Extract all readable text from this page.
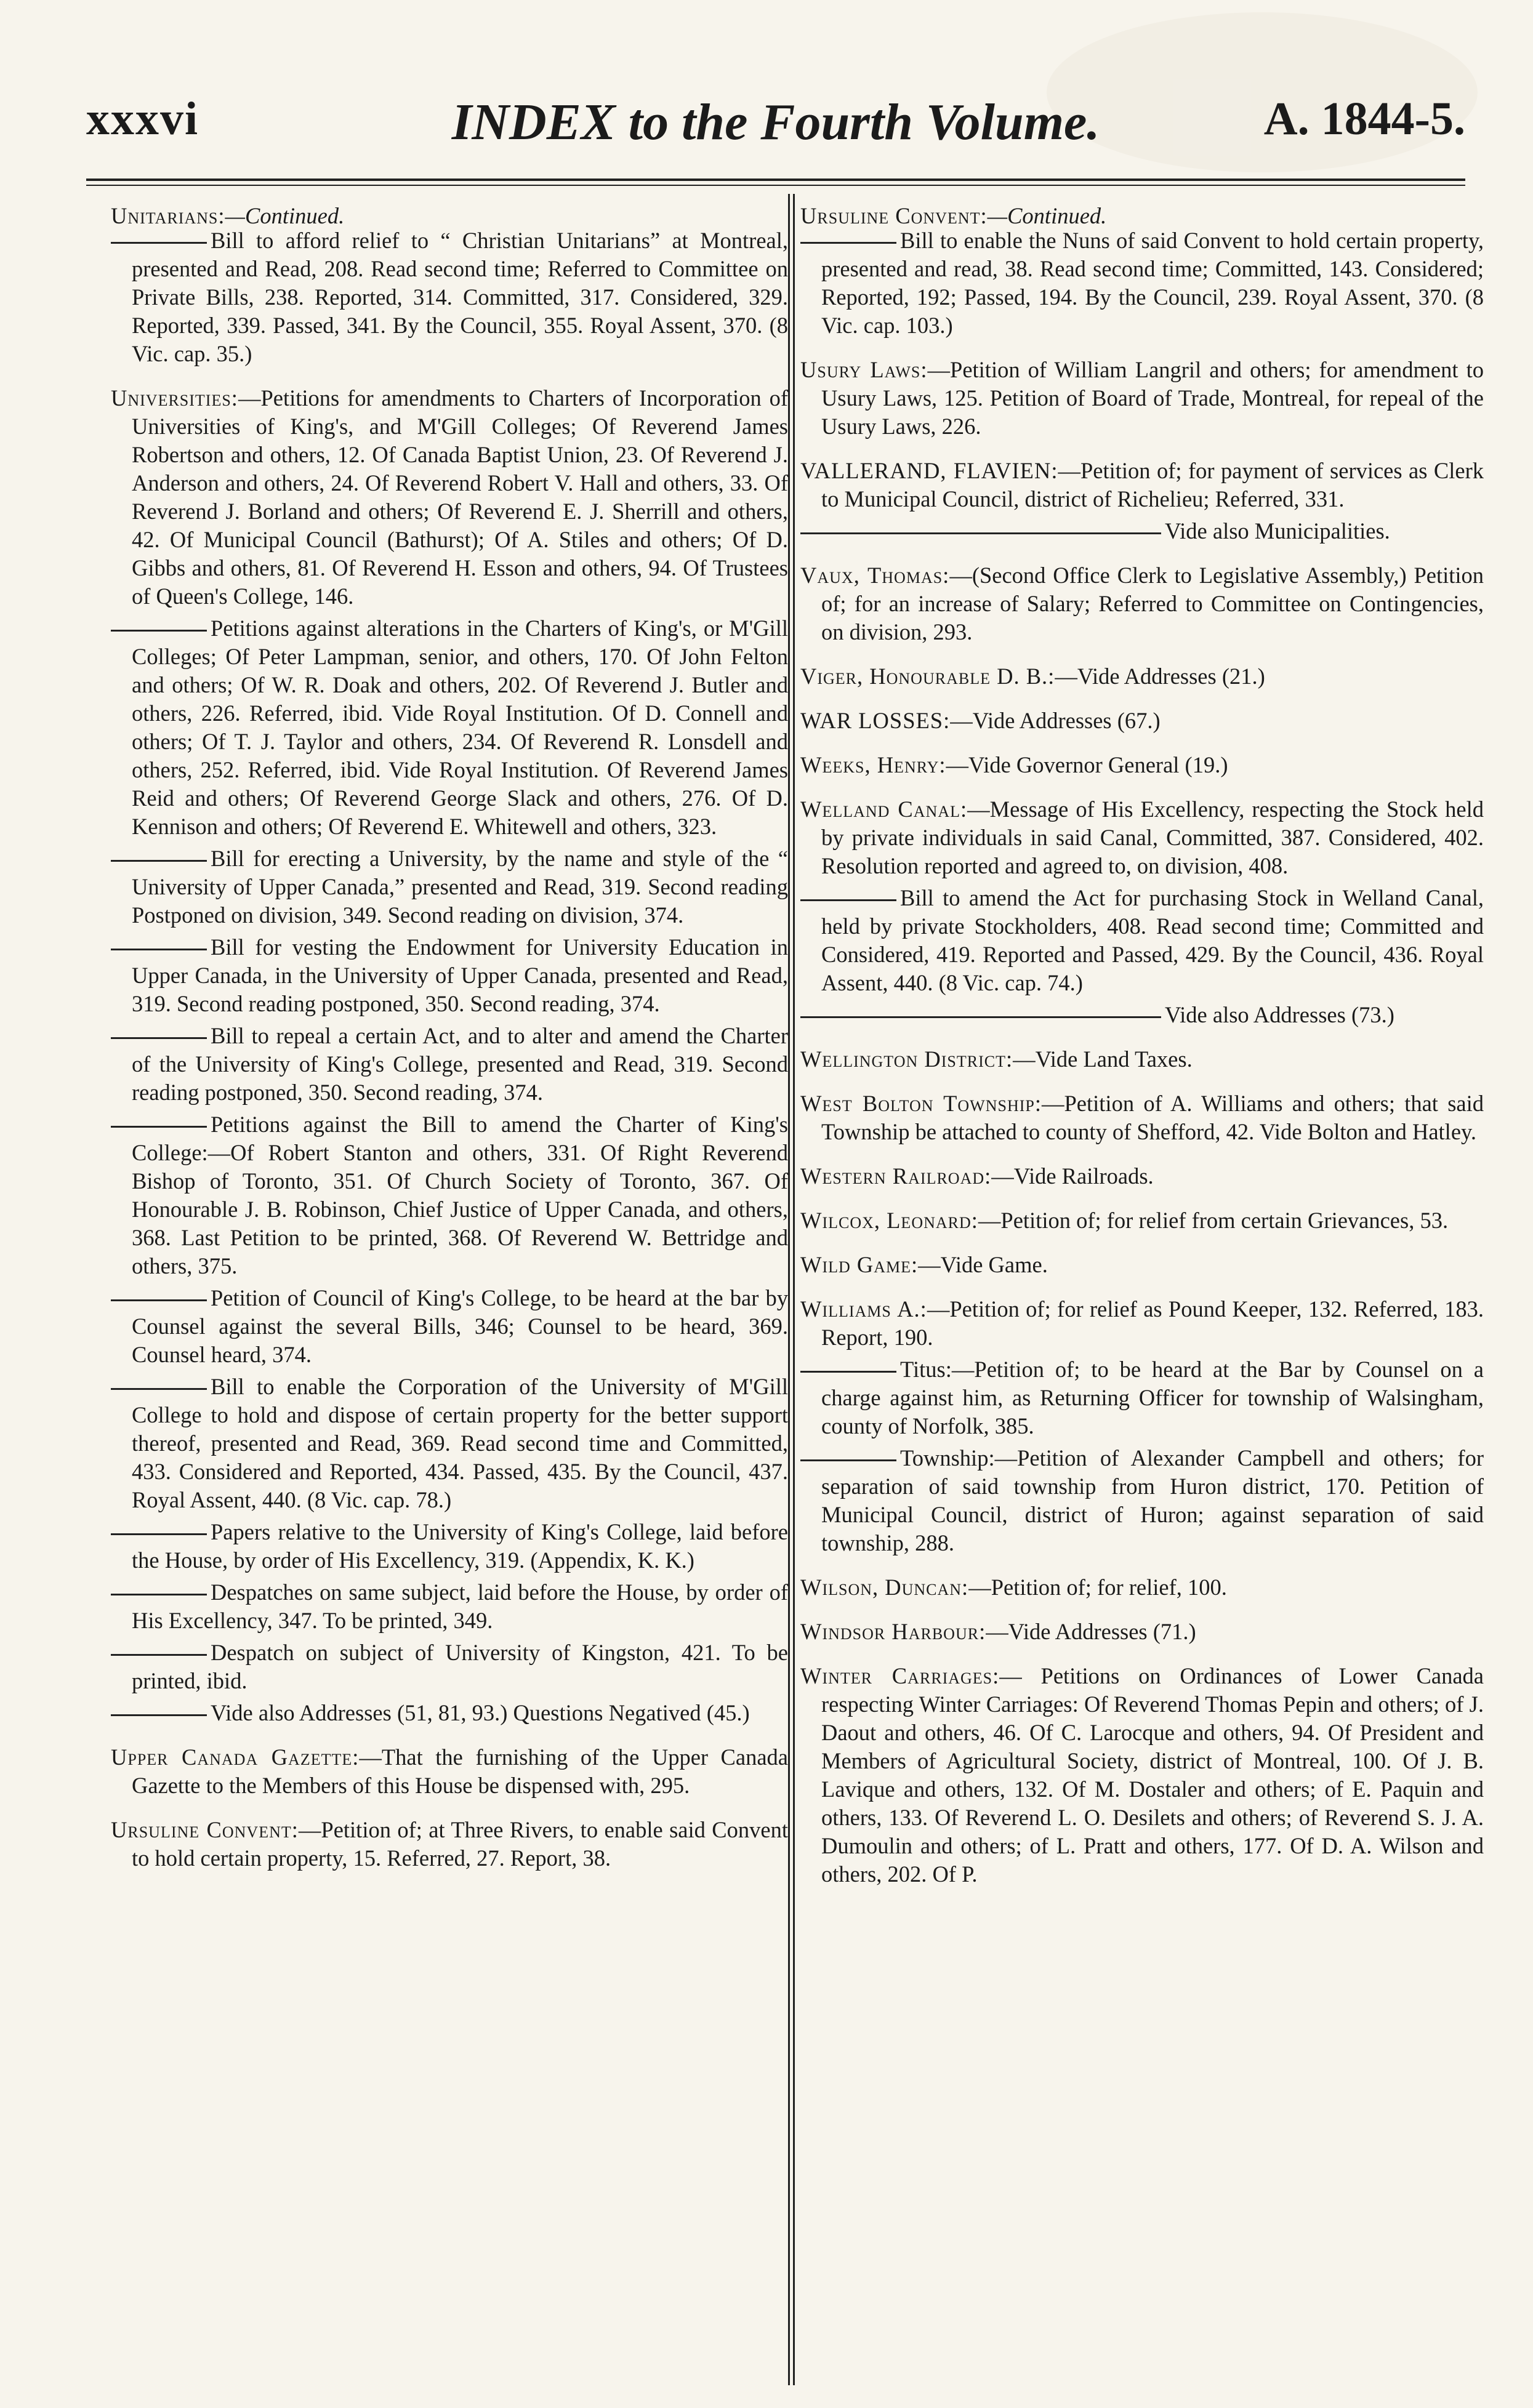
xxxvi	INDEX to the Fourth Volume.	A. 1844-5.

Unitarians:—Continued.

Bill to afford relief to “ Christian Unitarians” at Montreal, presented and Read, 208. Read second time; Referred to Committee on Private Bills, 238. Reported, 314. Committed, 317. Considered, 329. Reported, 339. Passed, 341. By the Council, 355. Royal Assent, 370. (8 Vic. cap. 35.)

Universities:—Petitions for amendments to Charters of Incorporation of Universities of King's, and M'Gill Colleges; Of Reverend James Robertson and others, 12. Of Canada Baptist Union, 23. Of Reverend J. Anderson and others, 24. Of Reverend Robert V. Hall and others, 33. Of Reverend J. Borland and others; Of Reverend E. J. Sherrill and others, 42. Of Municipal Council (Bathurst); Of A. Stiles and others; Of D. Gibbs and others, 81. Of Reverend H. Esson and others, 94. Of Trustees of Queen's College, 146.

Petitions against alterations in the Charters of King's, or M'Gill Colleges; Of Peter Lampman, senior, and others, 170. Of John Felton and others; Of W. R. Doak and others, 202. Of Reverend J. Butler and others, 226. Referred, ibid. Vide Royal Institution. Of D. Connell and others; Of T. J. Taylor and others, 234. Of Reverend R. Lonsdell and others, 252. Referred, ibid. Vide Royal Institution. Of Reverend James Reid and others; Of Reverend George Slack and others, 276. Of D. Kennison and others; Of Reverend E. Whitewell and others, 323.

Bill for erecting a University, by the name and style of the “ University of Upper Canada,” presented and Read, 319. Second reading Postponed on division, 349. Second reading on division, 374.

Bill for vesting the Endowment for University Education in Upper Canada, in the University of Upper Canada, presented and Read, 319. Second reading postponed, 350. Second reading, 374.

Bill to repeal a certain Act, and to alter and amend the Charter of the University of King's College, presented and Read, 319. Second reading postponed, 350. Second reading, 374.

Petitions against the Bill to amend the Charter of King's College:—Of Robert Stanton and others, 331. Of Right Reverend Bishop of Toronto, 351. Of Church Society of Toronto, 367. Of Honourable J. B. Robinson, Chief Justice of Upper Canada, and others, 368. Last Petition to be printed, 368. Of Reverend W. Bettridge and others, 375.

Petition of Council of King's College, to be heard at the bar by Counsel against the several Bills, 346; Counsel to be heard, 369. Counsel heard, 374.

Bill to enable the Corporation of the University of M'Gill College to hold and dispose of certain property for the better support thereof, presented and Read, 369. Read second time and Committed, 433. Considered and Reported, 434. Passed, 435. By the Council, 437. Royal Assent, 440. (8 Vic. cap. 78.)

Papers relative to the University of King's College, laid before the House, by order of His Excellency, 319. (Appendix, K. K.)

Despatches on same subject, laid before the House, by order of His Excellency, 347. To be printed, 349.

Despatch on subject of University of Kingston, 421. To be printed, ibid.

Vide also Addresses (51, 81, 93.) Questions Negatived (45.)

Upper Canada Gazette:—That the furnishing of the Upper Canada Gazette to the Members of this House be dispensed with, 295.

Ursuline Convent:—Petition of; at Three Rivers, to enable said Convent to hold certain property, 15. Referred, 27. Report, 38.

Ursuline Convent:—Continued.

Bill to enable the Nuns of said Convent to hold certain property, presented and read, 38. Read second time; Committed, 143. Considered; Reported, 192; Passed, 194. By the Council, 239. Royal Assent, 370. (8 Vic. cap. 103.)

Usury Laws:—Petition of William Langril and others; for amendment to Usury Laws, 125. Petition of Board of Trade, Montreal, for repeal of the Usury Laws, 226.

VALLERAND, FLAVIEN:—Petition of; for payment of services as Clerk to Municipal Council, district of Richelieu; Referred, 331.

Vide also Municipalities.

Vaux, Thomas:—(Second Office Clerk to Legislative Assembly,) Petition of; for an increase of Salary; Referred to Committee on Contingencies, on division, 293.

Viger, Honourable D. B.:—Vide Addresses (21.)

WAR LOSSES:—Vide Addresses (67.)

Weeks, Henry:—Vide Governor General (19.)

Welland Canal:—Message of His Excellency, respecting the Stock held by private individuals in said Canal, Committed, 387. Considered, 402. Resolution reported and agreed to, on division, 408.

Bill to amend the Act for purchasing Stock in Welland Canal, held by private Stockholders, 408. Read second time; Committed and Considered, 419. Reported and Passed, 429. By the Council, 436. Royal Assent, 440. (8 Vic. cap. 74.)

Vide also Addresses (73.)

Wellington District:—Vide Land Taxes.

West Bolton Township:—Petition of A. Williams and others; that said Township be attached to county of Shefford, 42. Vide Bolton and Hatley.

Western Railroad:—Vide Railroads.

Wilcox, Leonard:—Petition of; for relief from certain Grievances, 53.

Wild Game:—Vide Game.

Williams A.:—Petition of; for relief as Pound Keeper, 132. Referred, 183. Report, 190.

Titus:—Petition of; to be heard at the Bar by Counsel on a charge against him, as Returning Officer for township of Walsingham, county of Norfolk, 385.

Township:—Petition of Alexander Campbell and others; for separation of said township from Huron district, 170. Petition of Municipal Council, district of Huron; against separation of said township, 288.

Wilson, Duncan:—Petition of; for relief, 100.

Windsor Harbour:—Vide Addresses (71.)

Winter Carriages:— Petitions on Ordinances of Lower Canada respecting Winter Carriages: Of Reverend Thomas Pepin and others; of J. Daout and others, 46. Of C. Larocque and others, 94. Of President and Members of Agricultural Society, district of Montreal, 100. Of J. B. Lavique and others, 132. Of M. Dostaler and others; of E. Paquin and others, 133. Of Reverend L. O. Desilets and others; of Reverend S. J. A. Dumoulin and others; of L. Pratt and others, 177. Of D. A. Wilson and others, 202. Of P.
